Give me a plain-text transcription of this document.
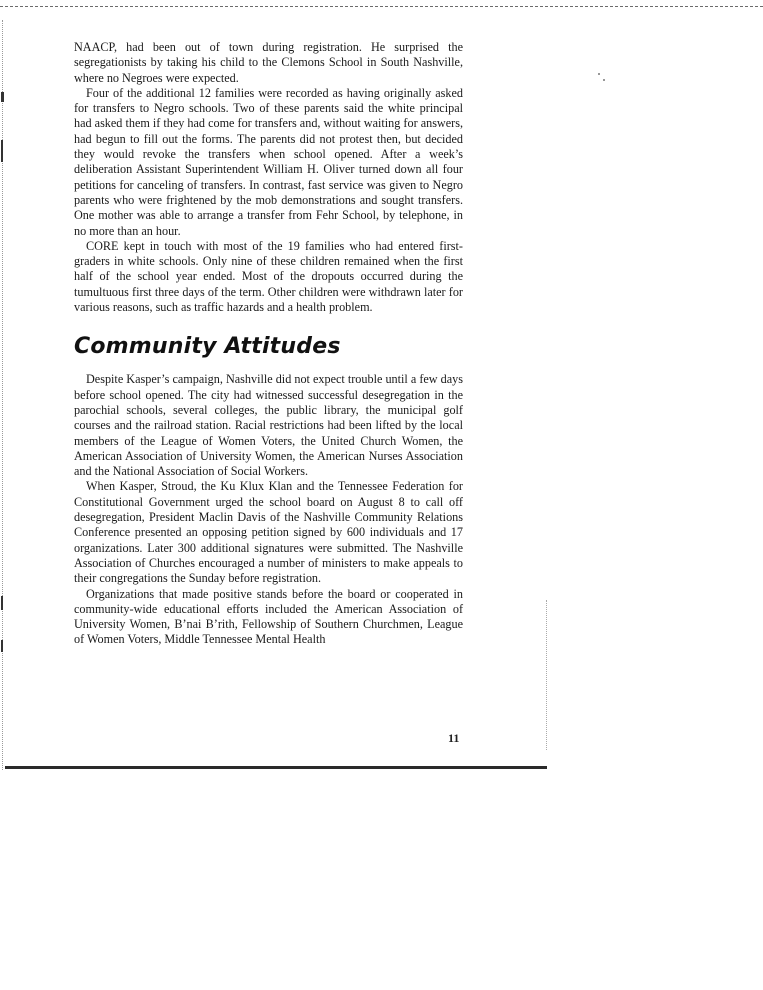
NAACP, had been out of town during registration. He surprised the segregationists by taking his child to the Clemons School in South Nashville, where no Negroes were expected.

Four of the additional 12 families were recorded as having originally asked for transfers to Negro schools. Two of these parents said the white principal had asked them if they had come for transfers and, without waiting for answers, had begun to fill out the forms. The parents did not protest then, but decided they would revoke the transfers when school opened. After a week’s deliberation Assistant Superintendent William H. Oliver turned down all four petitions for canceling of transfers. In contrast, fast service was given to Negro parents who were frightened by the mob demonstrations and sought transfers. One mother was able to arrange a transfer from Fehr School, by telephone, in no more than an hour.

CORE kept in touch with most of the 19 families who had entered first-graders in white schools. Only nine of these children remained when the first half of the school year ended. Most of the dropouts occurred during the tumultuous first three days of the term. Other children were withdrawn later for various reasons, such as traffic hazards and a health problem.

Community Attitudes

Despite Kasper’s campaign, Nashville did not expect trouble until a few days before school opened. The city had witnessed successful desegregation in the parochial schools, several colleges, the public library, the municipal golf courses and the railroad station. Racial restrictions had been lifted by the local members of the League of Women Voters, the United Church Women, the American Association of University Women, the American Nurses Association and the National Association of Social Workers.

When Kasper, Stroud, the Ku Klux Klan and the Tennessee Federation for Constitutional Government urged the school board on August 8 to call off desegregation, President Maclin Davis of the Nashville Community Relations Conference presented an opposing petition signed by 600 individuals and 17 organizations. Later 300 additional signatures were submitted. The Nashville Association of Churches encouraged a number of ministers to make appeals to their congregations the Sunday before registration.

Organizations that made positive stands before the board or cooperated in community-wide educational efforts included the American Association of University Women, B’nai B’rith, Fellowship of Southern Churchmen, League of Women Voters, Middle Tennessee Mental Health

11
